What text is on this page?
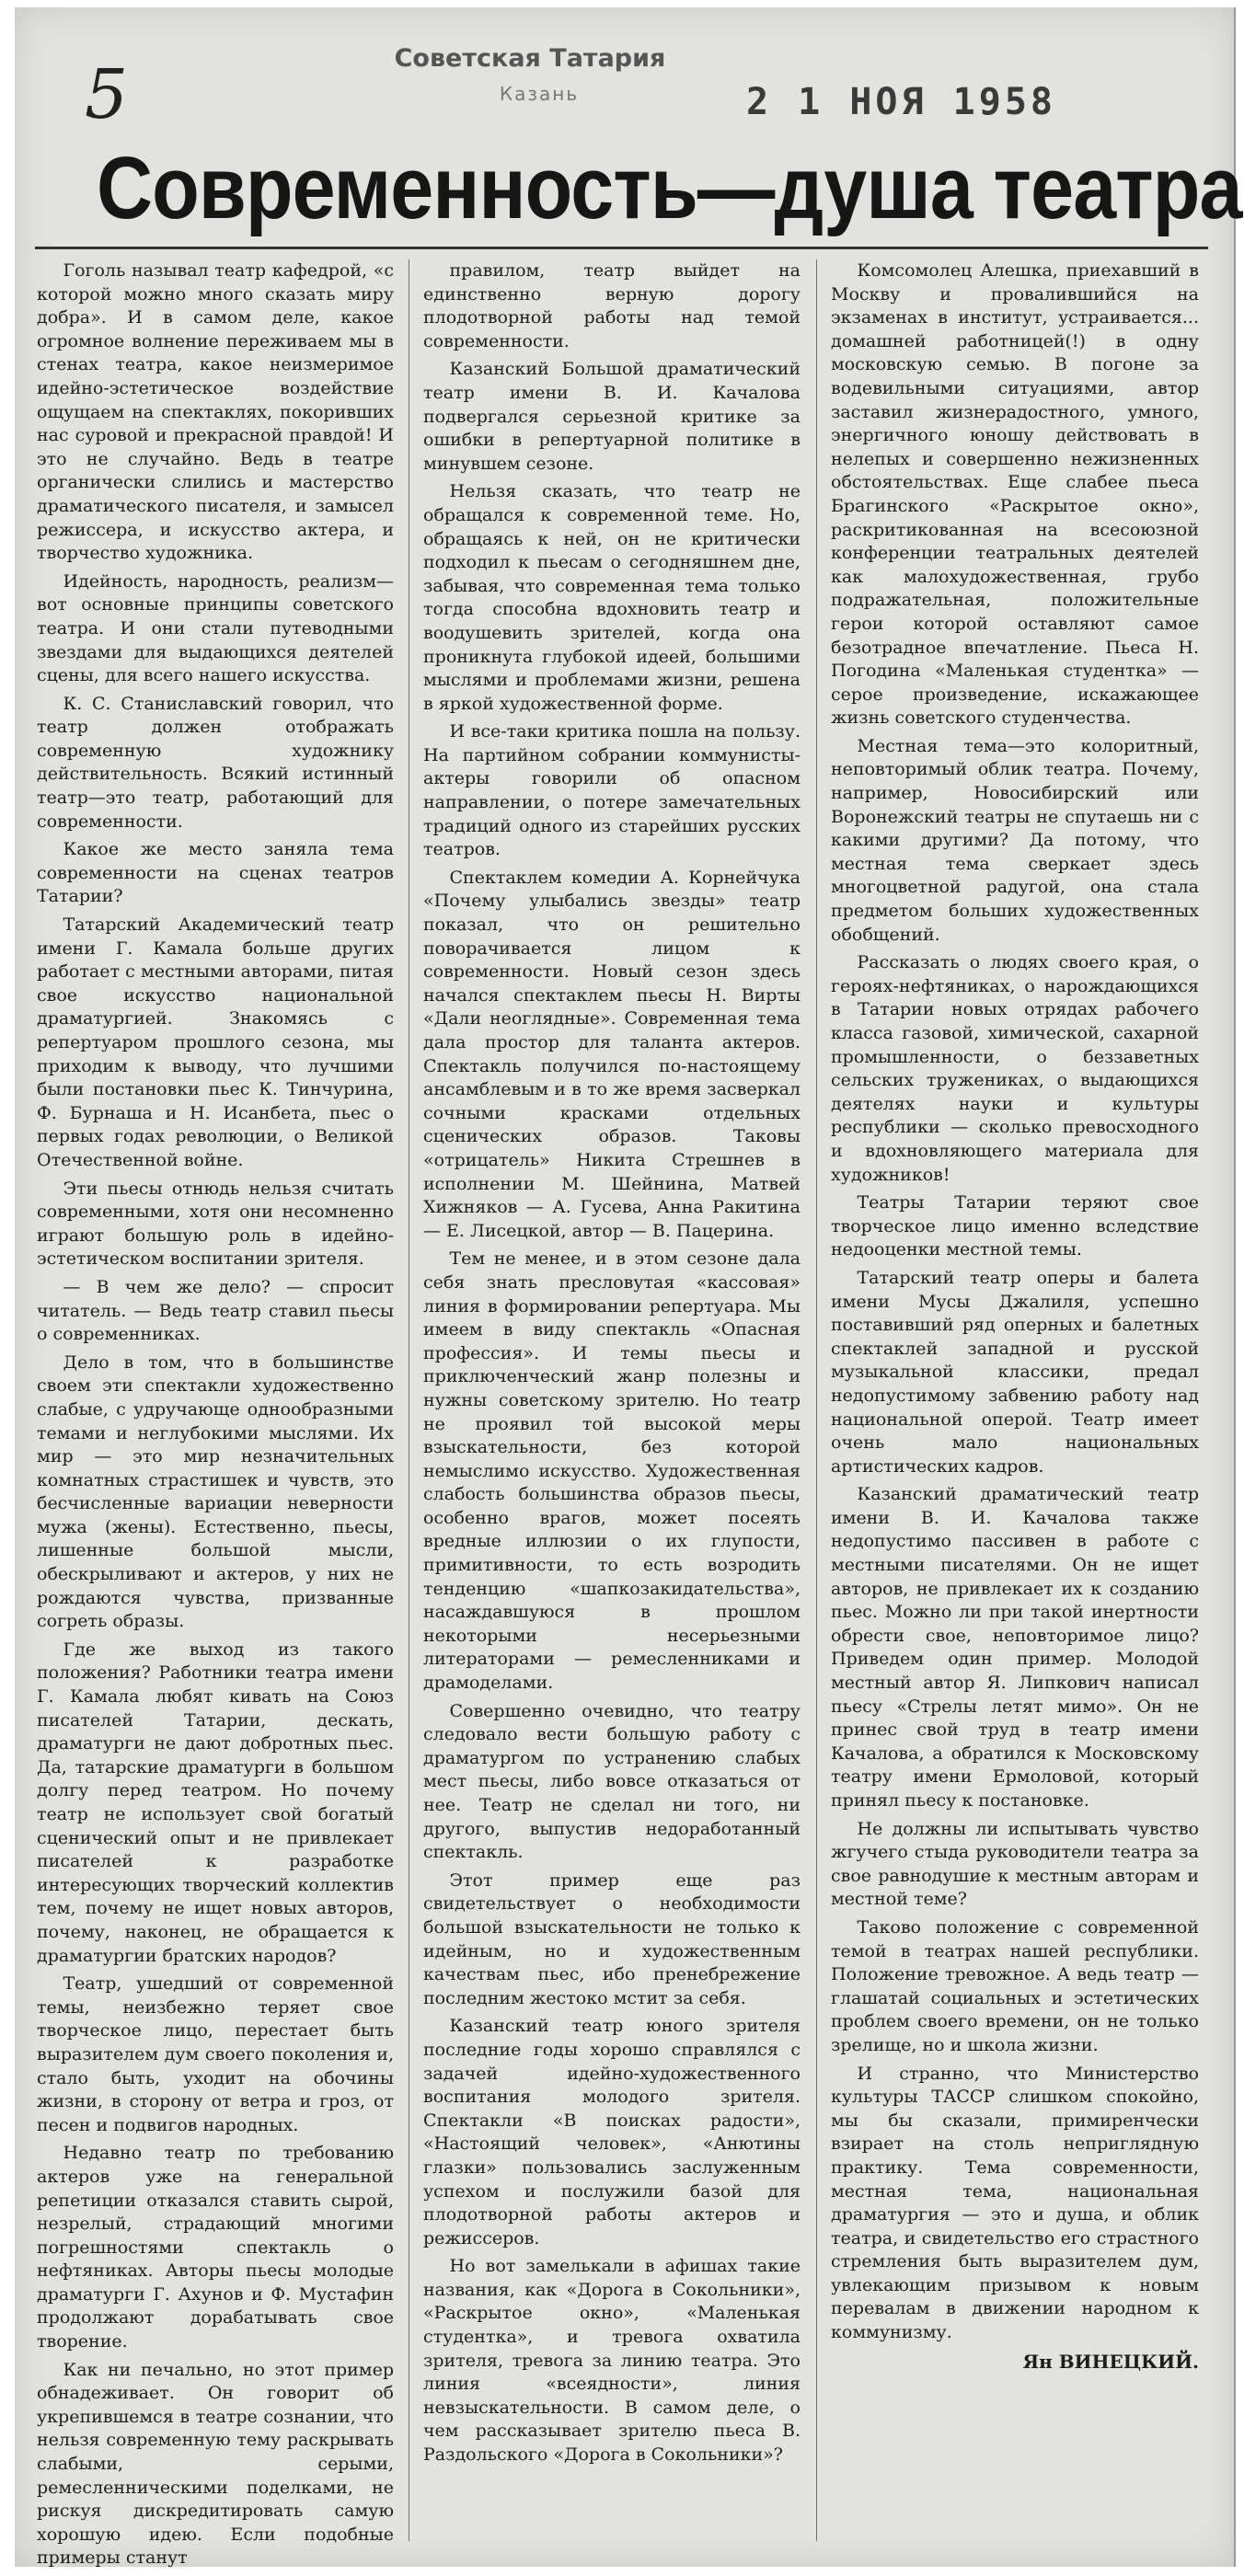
Советская Татария
Казань	2 1 НОЯ 1958
5
Современность—душа театра

Гоголь называл театр кафедрой, «с которой можно много сказать миру добра». И в самом деле, какое огромное волнение переживаем мы в стенах театра, какое неизмеримое идейно-эстетическое воздействие ощущаем на спектаклях, покоривших нас суровой и прекрасной правдой! И это не случайно. Ведь в театре органически слились и мастерство драматического писателя, и замысел режиссера, и искусство актера, и творчество художника.

Идейность, народность, реализм— вот основные принципы советского театра. И они стали путеводными звездами для выдающихся деятелей сцены, для всего нашего искусства.

К. С. Станиславский говорил, что театр должен отображать современную художнику действительность. Всякий истинный театр—это театр, работающий для современности.

Какое же место заняла тема современности на сценах театров Татарии?

Татарский Академический театр имени Г. Камала больше других работает с местными авторами, питая свое искусство национальной драматургией. Знакомясь с репертуаром прошлого сезона, мы приходим к выводу, что лучшими были постановки пьес К. Тинчурина, Ф. Бурнаша и Н. Исанбета, пьес о первых годах революции, о Великой Отечественной войне.

Эти пьесы отнюдь нельзя считать современными, хотя они несомненно играют большую роль в идейно-эстетическом воспитании зрителя.

— В чем же дело? — спросит читатель. — Ведь театр ставил пьесы о современниках.

Дело в том, что в большинстве своем эти спектакли художественно слабые, с удручающе однообразными темами и неглубокими мыслями. Их мир — это мир незначительных комнатных страстишек и чувств, это бесчисленные вариации неверности мужа (жены). Естественно, пьесы, лишенные большой мысли, обескрыливают и актеров, у них не рождаются чувства, призванные согреть образы.

Где же выход из такого положения? Работники театра имени Г. Камала любят кивать на Союз писателей Татарии, дескать, драматурги не дают добротных пьес. Да, татарские драматурги в большом долгу перед театром. Но почему театр не использует свой богатый сценический опыт и не привлекает писателей к разработке интересующих творческий коллектив тем, почему не ищет новых авторов, почему, наконец, не обращается к драматургии братских народов?

Театр, ушедший от современной темы, неизбежно теряет свое творческое лицо, перестает быть выразителем дум своего поколения и, стало быть, уходит на обочины жизни, в сторону от ветра и гроз, от песен и подвигов народных.

Недавно театр по требованию актеров уже на генеральной репетиции отказался ставить сырой, незрелый, страдающий многими погрешностями спектакль о нефтяниках. Авторы пьесы молодые драматурги Г. Ахунов и Ф. Мустафин продолжают дорабатывать свое творение.

Как ни печально, но этот пример обнадеживает. Он говорит об укрепившемся в театре сознании, что нельзя современную тему раскрывать слабыми, серыми, ремесленническими поделками, не рискуя дискредитировать самую хорошую идею. Если подобные примеры станут

правилом, театр выйдет на единственно верную дорогу плодотворной работы над темой современности.

Казанский Большой драматический театр имени В. И. Качалова подвергался серьезной критике за ошибки в репертуарной политике в минувшем сезоне.

Нельзя сказать, что театр не обращался к современной теме. Но, обращаясь к ней, он не критически подходил к пьесам о сегодняшнем дне, забывая, что современная тема только тогда способна вдохновить театр и воодушевить зрителей, когда она проникнута глубокой идеей, большими мыслями и проблемами жизни, решена в яркой художественной форме.

И все-таки критика пошла на пользу. На партийном собрании коммунисты-актеры говорили об опасном направлении, о потере замечательных традиций одного из старейших русских театров.

Спектаклем комедии А. Корнейчука «Почему улыбались звезды» театр показал, что он решительно поворачивается лицом к современности. Новый сезон здесь начался спектаклем пьесы Н. Вирты «Дали неоглядные». Современная тема дала простор для таланта актеров. Спектакль получился по-настоящему ансамблевым и в то же время засверкал сочными красками отдельных сценических образов. Таковы «отрицатель» Никита Стрешнев в исполнении М. Шейнина, Матвей Хижняков — А. Гусева, Анна Ракитина — Е. Лисецкой, автор — В. Пацерина.

Тем не менее, и в этом сезоне дала себя знать пресловутая «кассовая» линия в формировании репертуара. Мы имеем в виду спектакль «Опасная профессия». И темы пьесы и приключенческий жанр полезны и нужны советскому зрителю. Но театр не проявил той высокой меры взыскательности, без которой немыслимо искусство. Художественная слабость большинства образов пьесы, особенно врагов, может посеять вредные иллюзии о их глупости, примитивности, то есть возродить тенденцию «шапкозакидательства», насаждавшуюся в прошлом некоторыми несерьезными литераторами — ремесленниками и драмоделами.

Совершенно очевидно, что театру следовало вести большую работу с драматургом по устранению слабых мест пьесы, либо вовсе отказаться от нее. Театр не сделал ни того, ни другого, выпустив недоработанный спектакль.

Этот пример еще раз свидетельствует о необходимости большой взыскательности не только к идейным, но и художественным качествам пьес, ибо пренебрежение последним жестоко мстит за себя.

Казанский театр юного зрителя последние годы хорошо справлялся с задачей идейно-художественного воспитания молодого зрителя. Спектакли «В поисках радости», «Настоящий человек», «Анютины глазки» пользовались заслуженным успехом и послужили базой для плодотворной работы актеров и режиссеров.

Но вот замелькали в афишах такие названия, как «Дорога в Сокольники», «Раскрытое окно», «Маленькая студентка», и тревога охватила зрителя, тревога за линию театра. Это линия «всеядности», линия невзыскательности. В самом деле, о чем рассказывает зрителю пьеса В. Раздольского «Дорога в Сокольники»?

Комсомолец Алешка, приехавший в Москву и провалившийся на экзаменах в институт, устраивается... домашней работницей(!) в одну московскую семью. В погоне за водевильными ситуациями, автор заставил жизнерадостного, умного, энергичного юношу действовать в нелепых и совершенно нежизненных обстоятельствах. Еще слабее пьеса Брагинского «Раскрытое окно», раскритикованная на всесоюзной конференции театральных деятелей как малохудожественная, грубо подражательная, положительные герои которой оставляют самое безотрадное впечатление. Пьеса Н. Погодина «Маленькая студентка» — серое произведение, искажающее жизнь советского студенчества.

Местная тема—это колоритный, неповторимый облик театра. Почему, например, Новосибирский или Воронежский театры не спутаешь ни с какими другими? Да потому, что местная тема сверкает здесь многоцветной радугой, она стала предметом больших художественных обобщений.

Рассказать о людях своего края, о героях-нефтяниках, о нарождающихся в Татарии новых отрядах рабочего класса газовой, химической, сахарной промышленности, о беззаветных сельских тружениках, о выдающихся деятелях науки и культуры республики — сколько превосходного и вдохновляющего материала для художников!

Театры Татарии теряют свое творческое лицо именно вследствие недооценки местной темы.

Татарский театр оперы и балета имени Мусы Джалиля, успешно поставивший ряд оперных и балетных спектаклей западной и русской музыкальной классики, предал недопустимому забвению работу над национальной оперой. Театр имеет очень мало национальных артистических кадров.

Казанский драматический театр имени В. И. Качалова также недопустимо пассивен в работе с местными писателями. Он не ищет авторов, не привлекает их к созданию пьес. Можно ли при такой инертности обрести свое, неповторимое лицо? Приведем один пример. Молодой местный автор Я. Липкович написал пьесу «Стрелы летят мимо». Он не принес свой труд в театр имени Качалова, а обратился к Московскому театру имени Ермоловой, который принял пьесу к постановке.

Не должны ли испытывать чувство жгучего стыда руководители театра за свое равнодушие к местным авторам и местной теме?

Таково положение с современной темой в театрах нашей республики. Положение тревожное. А ведь театр — глашатай социальных и эстетических проблем своего времени, он не только зрелище, но и школа жизни.

И странно, что Министерство культуры ТАССР слишком спокойно, мы бы сказали, примиренчески взирает на столь неприглядную практику. Тема современности, местная тема, национальная драматургия — это и душа, и облик театра, и свидетельство его страстного стремления быть выразителем дум, увлекающим призывом к новым перевалам в движении народном к коммунизму.

Ян ВИНЕЦКИЙ.
